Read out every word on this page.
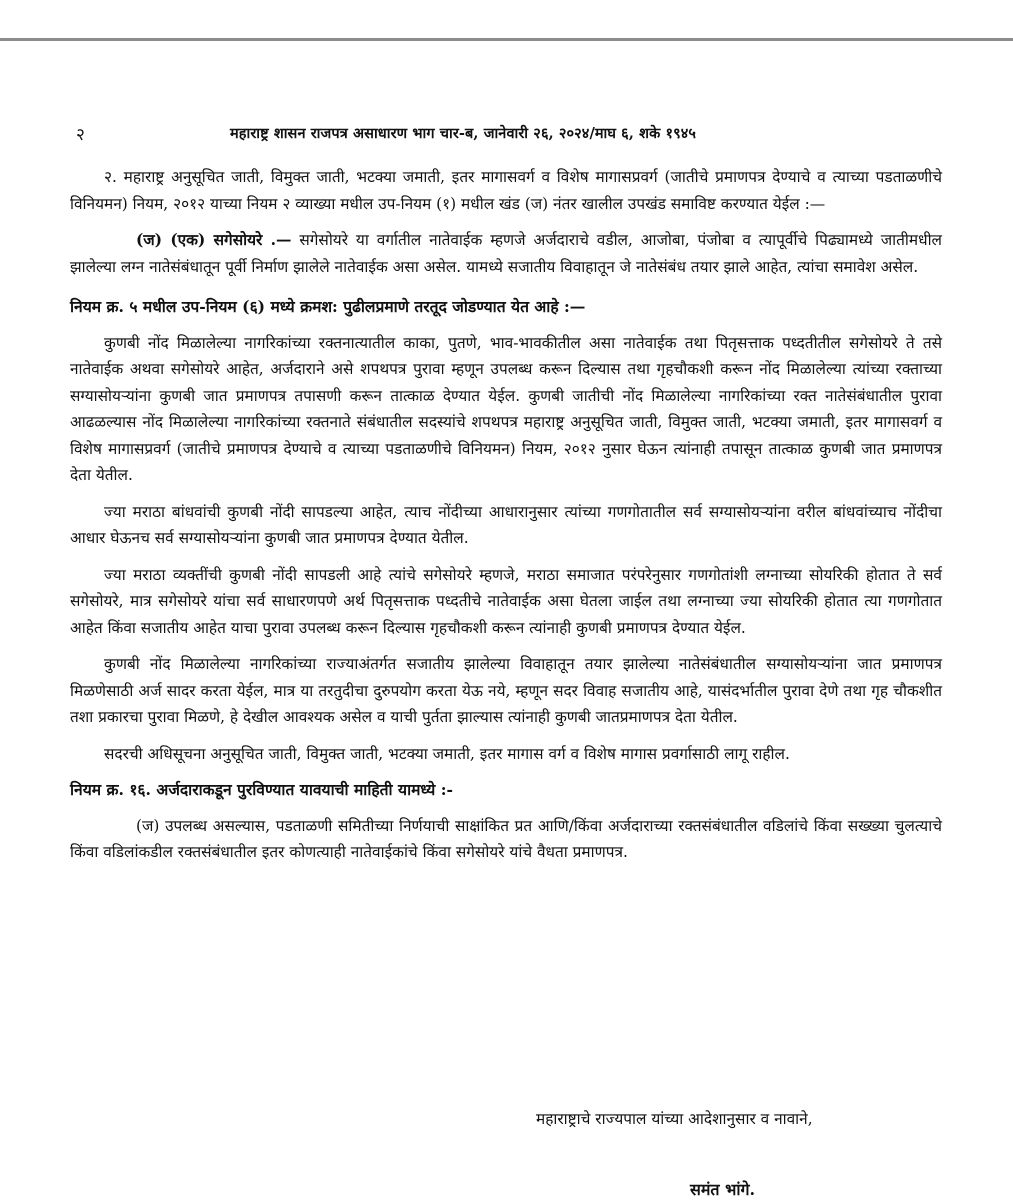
२	महाराष्ट्र शासन राजपत्र असाधारण भाग चार-ब, जानेवारी २६, २०२४/माघ ६, शके १९४५

२. महाराष्ट्र अनुसूचित जाती, विमुक्त जाती, भटक्या जमाती, इतर मागासवर्ग व विशेष मागासप्रवर्ग (जातीचे प्रमाणपत्र देण्याचे व त्याच्या पडताळणीचे विनियमन) नियम, २०१२ याच्या नियम २ व्याख्या मधील उप-नियम (१) मधील खंड (ज) नंतर खालील उपखंड समाविष्ट करण्यात येईल :—

(ज) (एक) सगेसोयरे .— सगेसोयरे या वर्गातील नातेवाईक म्हणजे अर्जदाराचे वडील, आजोबा, पंजोबा व त्यापूर्वीचे पिढ्यामध्ये जातीमधील झालेल्या लग्न नातेसंबंधातून पूर्वी निर्माण झालेले नातेवाईक असा असेल. यामध्ये सजातीय विवाहातून जे नातेसंबंध तयार झाले आहेत, त्यांचा समावेश असेल.

नियम क्र. ५ मधील उप-नियम (६) मध्ये क्रमश: पुढीलप्रमाणे तरतूद जोडण्यात येत आहे :—

कुणबी नोंद मिळालेल्या नागरिकांच्या रक्तनात्यातील काका, पुतणे, भाव-भावकीतील असा नातेवाईक तथा पितृसत्ताक पध्दतीतील सगेसोयरे ते तसे नातेवाईक अथवा सगेसोयरे आहेत, अर्जदाराने असे शपथपत्र पुरावा म्हणून उपलब्ध करून दिल्यास तथा गृहचौकशी करून नोंद मिळालेल्या त्यांच्या रक्ताच्या सग्यासोयऱ्यांना कुणबी जात प्रमाणपत्र तपासणी करून तात्काळ देण्यात येईल. कुणबी जातीची नोंद मिळालेल्या नागरिकांच्या रक्त नातेसंबंधातील पुरावा आढळल्यास नोंद मिळालेल्या नागरिकांच्या रक्तनाते संबंधातील सदस्यांचे शपथपत्र महाराष्ट्र अनुसूचित जाती, विमुक्त जाती, भटक्या जमाती, इतर मागासवर्ग व विशेष मागासप्रवर्ग (जातीचे प्रमाणपत्र देण्याचे व त्याच्या पडताळणीचे विनियमन) नियम, २०१२ नुसार घेऊन त्यांनाही तपासून तात्काळ कुणबी जात प्रमाणपत्र देता येतील.

ज्या मराठा बांधवांची कुणबी नोंदी सापडल्या आहेत, त्याच नोंदीच्या आधारानुसार त्यांच्या गणगोतातील सर्व सग्यासोयऱ्यांना वरील बांधवांच्याच नोंदीचा आधार घेऊनच सर्व सग्यासोयऱ्यांना कुणबी जात प्रमाणपत्र देण्यात येतील.

ज्या मराठा व्यक्तींची कुणबी नोंदी सापडली आहे त्यांचे सगेसोयरे म्हणजे, मराठा समाजात परंपरेनुसार गणगोतांशी लग्नाच्या सोयरिकी होतात ते सर्व सगेसोयरे, मात्र सगेसोयरे यांचा सर्व साधारणपणे अर्थ पितृसत्ताक पध्दतीचे नातेवाईक असा घेतला जाईल तथा लग्नाच्या ज्या सोयरिकी होतात त्या गणगोतात आहेत किंवा सजातीय आहेत याचा पुरावा उपलब्ध करून दिल्यास गृहचौकशी करून त्यांनाही कुणबी प्रमाणपत्र देण्यात येईल.

कुणबी नोंद मिळालेल्या नागरिकांच्या राज्याअंतर्गत सजातीय झालेल्या विवाहातून तयार झालेल्या नातेसंबंधातील सग्यासोयऱ्यांना जात प्रमाणपत्र मिळणेसाठी अर्ज सादर करता येईल, मात्र या तरतुदीचा दुरुपयोग करता येऊ नये, म्हणून सदर विवाह सजातीय आहे, यासंदर्भातील पुरावा देणे तथा गृह चौकशीत तशा प्रकारचा पुरावा मिळणे, हे देखील आवश्यक असेल व याची पुर्तता झाल्यास त्यांनाही कुणबी जातप्रमाणपत्र देता येतील.

सदरची अधिसूचना अनुसूचित जाती, विमुक्त जाती, भटक्या जमाती, इतर मागास वर्ग व विशेष मागास प्रवर्गासाठी लागू राहील.

नियम क्र. १६. अर्जदाराकडून पुरविण्यात यावयाची माहिती यामध्ये :-

(ज) उपलब्ध असल्यास, पडताळणी समितीच्या निर्णयाची साक्षांकित प्रत आणि/किंवा अर्जदाराच्या रक्तसंबंधातील वडिलांचे किंवा सख्ख्या चुलत्याचे किंवा वडिलांकडील रक्तसंबंधातील इतर कोणत्याही नातेवाईकांचे किंवा सगेसोयरे यांचे वैधता प्रमाणपत्र.

महाराष्ट्राचे राज्यपाल यांच्या आदेशानुसार व नावाने,
समंत भांगे.
